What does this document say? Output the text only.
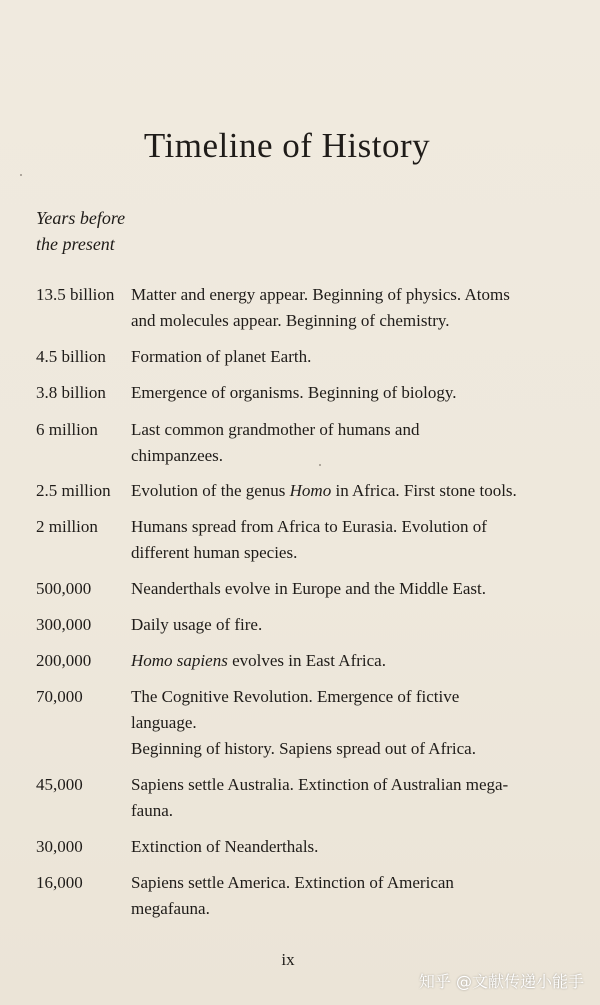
Timeline of History
Years before
the present
13.5 billion Matter and energy appear. Beginning of physics. Atoms
and molecules appear. Beginning of chemistry.
4.5 billion Formation of planet Earth.
3.8 billion Emergence of organisms. Beginning of biology.
6 million Last common grandmother of humans and
chimpanzees.
2.5 million Evolution of the genus Homo in Africa. First stone tools.
2 million Humans spread from Africa to Eurasia. Evolution of
different human species.
500,000 Neanderthals evolve in Europe and the Middle East.
300,000 Daily usage of fire.
200,000 Homo sapiens evolves in East Africa.
70,000	The Cognitive Revolution. Emergence of fictive
language.
Beginning of history. Sapiens spread out of Africa.
45,000	Sapiens settle Australia. Extinction of Australian mega-
fauna.
30,000	Extinction of Neanderthals.
16,000	Sapiens settle America. Extinction of American
megafauna.
ix
知乎 @文献传递小能手
